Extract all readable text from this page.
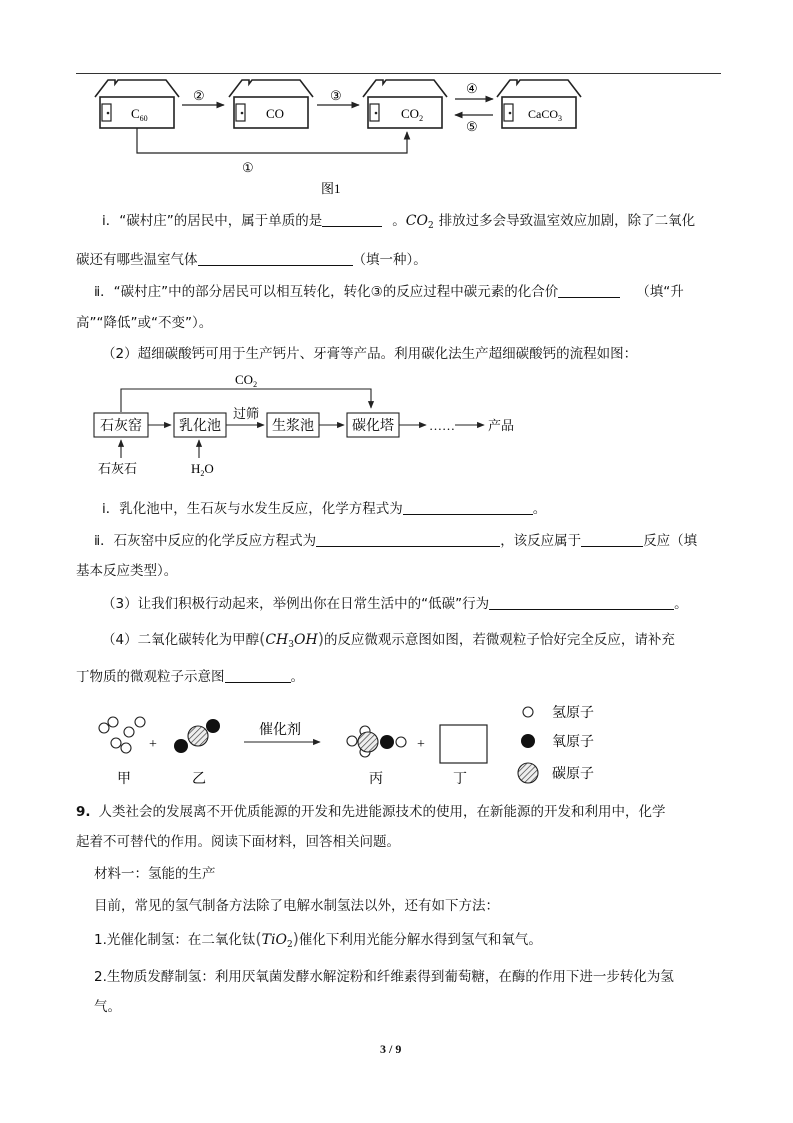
$C_{60}$	CO	$CO_2$	CaCO$_3$
②	③	④
⑤
①
图1
$CO_2$
石灰窑	乳化池
过筛
生浆池	碳化塔	……	产品
石灰石	$H_2O$
+
催化剂
+
甲	乙	丙	丁
氢原子
氧原子
碳原子
ⅰ．“碳村庄”的居民中，属于单质的是	。$CO_2$ 排放过多会导致温室效应加剧，除了二氧化
碳还有哪些温室气体	（填一种）。
ⅱ．“碳村庄”中的部分居民可以相互转化，转化③的反应过程中碳元素的化合价	（填“升
高”“降低”或“不变”）。
（2）超细碳酸钙可用于生产钙片、牙膏等产品。利用碳化法生产超细碳酸钙的流程如图：
ⅰ．乳化池中，生石灰与水发生反应，化学方程式为	。
ⅱ．石灰窑中反应的化学反应方程式为	，该反应属于	反应（填
基本反应类型）。
（3）让我们积极行动起来，举例出你在日常生活中的“低碳”行为	。
（4）二氧化碳转化为甲醇$(CH_3OH)$的反应微观示意图如图，若微观粒子恰好完全反应，请补充
丁物质的微观粒子示意图	。
9. 人类社会的发展离不开优质能源的开发和先进能源技术的使用，在新能源的开发和利用中，化学
起着不可替代的作用。阅读下面材料，回答相关问题。
材料一：氢能的生产
目前，常见的氢气制备方法除了电解水制氢法以外，还有如下方法：
1.光催化制氢：在二氧化钛(TiO$_2$)催化下利用光能分解水得到氢气和氧气。
2.生物质发酵制氢：利用厌氧菌发酵水解淀粉和纤维素得到葡萄糖，在酶的作用下进一步转化为氢
气。
3 / 9
